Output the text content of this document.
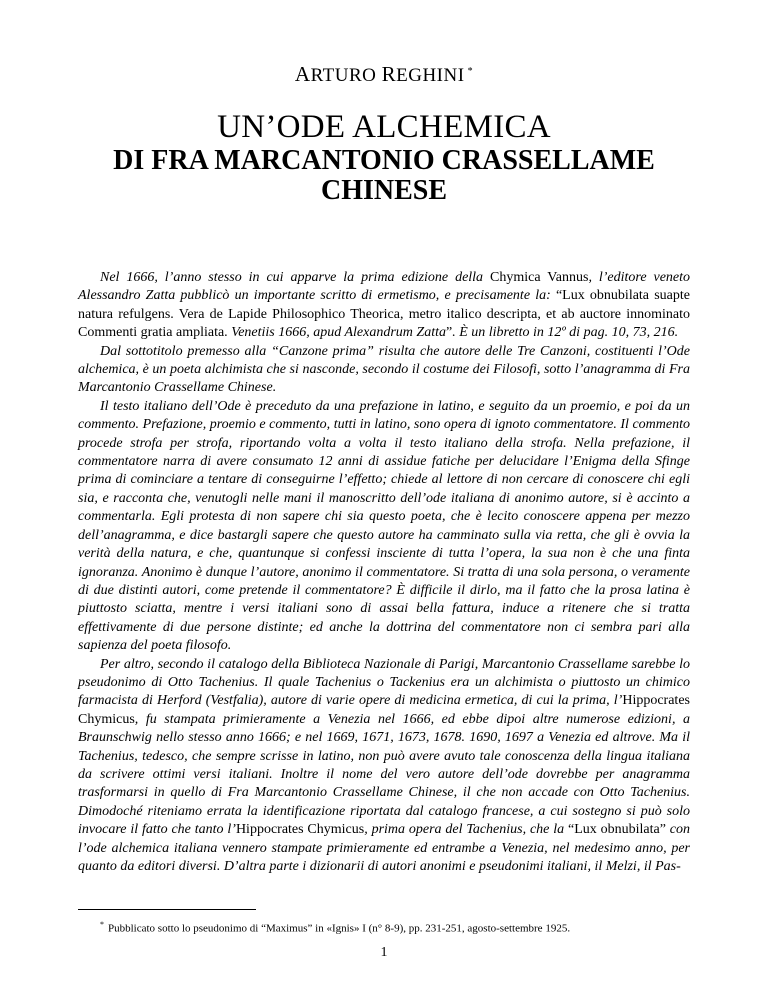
ARTURO REGHINI *
UN’ODE ALCHEMICA
DI FRA MARCANTONIO CRASSELLAME
CHINESE

Nel 1666, l’anno stesso in cui apparve la prima edizione della Chymica Vannus, l’editore veneto Alessandro Zatta pubblicò un importante scritto di ermetismo, e precisamente la: “Lux obnubilata suapte natura refulgens. Vera de Lapide Philosophico Theorica, metro italico descripta, et ab auctore innominato Commenti gratia ampliata. Venetiis 1666, apud Alexandrum Zatta”. È un libretto in 12º di pag. 10, 73, 216.

Dal sottotitolo premesso alla “Canzone prima” risulta che autore delle Tre Canzoni, costituenti l’Ode alchemica, è un poeta alchimista che si nasconde, secondo il costume dei Filosofi, sotto l’anagramma di Fra Marcantonio Crassellame Chinese.

Il testo italiano dell’Ode è preceduto da una prefazione in latino, e seguito da un proemio, e poi da un commento. Prefazione, proemio e commento, tutti in latino, sono opera di ignoto commentatore. Il commento procede strofa per strofa, riportando volta a volta il testo italiano della strofa. Nella prefazione, il commentatore narra di avere consumato 12 anni di assidue fatiche per delucidare l’Enigma della Sfinge prima di cominciare a tentare di conseguirne l’effetto; chiede al lettore di non cercare di conoscere chi egli sia, e racconta che, venutogli nelle mani il manoscritto dell’ode italiana di anonimo autore, si è accinto a commentarla. Egli protesta di non sapere chi sia questo poeta, che è lecito conoscere appena per mezzo dell’anagramma, e dice bastargli sapere che questo autore ha camminato sulla via retta, che gli è ovvia la verità della natura, e che, quantunque si confessi insciente di tutta l’opera, la sua non è che una finta ignoranza. Anonimo è dunque l’autore, anonimo il commentatore. Si tratta di una sola persona, o veramente di due distinti autori, come pretende il commentatore? È difficile il dirlo, ma il fatto che la prosa latina è piuttosto sciatta, mentre i versi italiani sono di assai bella fattura, induce a ritenere che si tratta effettivamente di due persone distinte; ed anche la dottrina del commentatore non ci sembra pari alla sapienza del poeta filosofo.

Per altro, secondo il catalogo della Biblioteca Nazionale di Parigi, Marcantonio Crassellame sarebbe lo pseudonimo di Otto Tachenius. Il quale Tachenius o Tackenius era un alchimista o piuttosto un chimico farmacista di Herford (Vestfalia), autore di varie opere di medicina ermetica, di cui la prima, l’Hippocrates Chymicus, fu stampata primieramente a Venezia nel 1666, ed ebbe dipoi altre numerose edizioni, a Braunschwig nello stesso anno 1666; e nel 1669, 1671, 1673, 1678. 1690, 1697 a Venezia ed altrove. Ma il Tachenius, tedesco, che sempre scrisse in latino, non può avere avuto tale conoscenza della lingua italiana da scrivere ottimi versi italiani. Inoltre il nome del vero autore dell’ode dovrebbe per anagramma trasformarsi in quello di Fra Marcantonio Crassellame Chinese, il che non accade con Otto Tachenius. Dimodoché riteniamo errata la identificazione riportata dal catalogo francese, a cui sostegno si può solo invocare il fatto che tanto l’Hippocrates Chymicus, prima opera del Tachenius, che la “Lux obnubilata” con l’ode alchemica italiana vennero stampate primieramente ed entrambe a Venezia, nel medesimo anno, per quanto da editori diversi. D’altra parte i dizionarii di autori anonimi e pseudonimi italiani, il Melzi, il Pas-

* Pubblicato sotto lo pseudonimo di “Maximus” in «Ignis» I (n° 8-9), pp. 231-251, agosto-settembre 1925.
1
